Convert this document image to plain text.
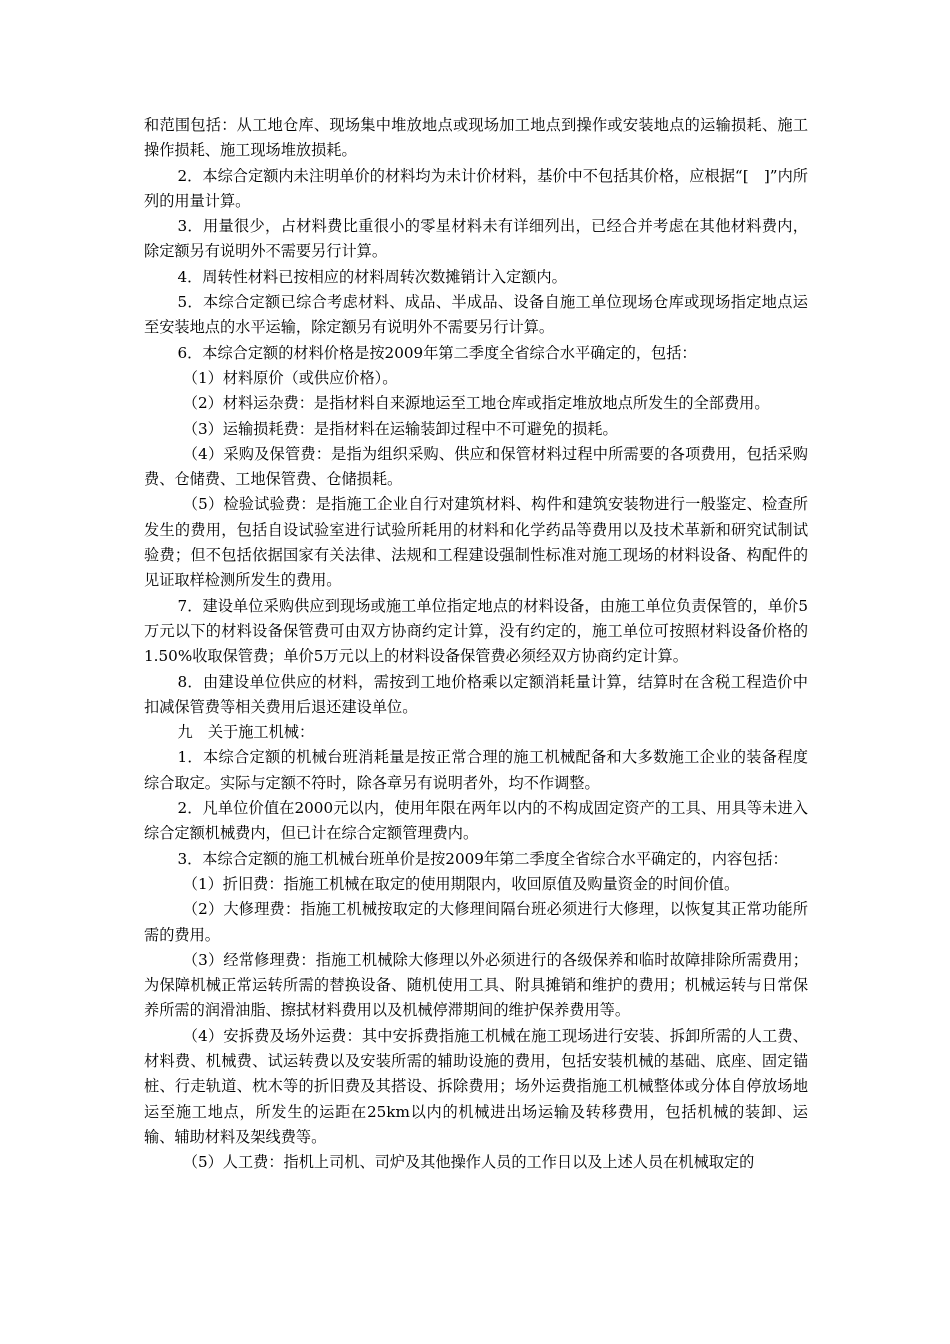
和范围包括：从工地仓库、现场集中堆放地点或现场加工地点到操作或安装地点的运输损耗、施工操作损耗、施工现场堆放损耗。

2．本综合定额内未注明单价的材料均为未计价材料，基价中不包括其价格，应根据“[　]”内所列的用量计算。

3．用量很少，占材料费比重很小的零星材料未有详细列出，已经合并考虑在其他材料费内，除定额另有说明外不需要另行计算。

4．周转性材料已按相应的材料周转次数摊销计入定额内。

5．本综合定额已综合考虑材料、成品、半成品、设备自施工单位现场仓库或现场指定地点运至安装地点的水平运输，除定额另有说明外不需要另行计算。

6．本综合定额的材料价格是按2009年第二季度全省综合水平确定的，包括：

（1）材料原价（或供应价格）。

（2）材料运杂费：是指材料自来源地运至工地仓库或指定堆放地点所发生的全部费用。

（3）运输损耗费：是指材料在运输装卸过程中不可避免的损耗。

（4）采购及保管费：是指为组织采购、供应和保管材料过程中所需要的各项费用，包括采购费、仓储费、工地保管费、仓储损耗。

（5）检验试验费：是指施工企业自行对建筑材料、构件和建筑安装物进行一般鉴定、检查所发生的费用，包括自设试验室进行试验所耗用的材料和化学药品等费用以及技术革新和研究试制试验费；但不包括依据国家有关法律、法规和工程建设强制性标准对施工现场的材料设备、构配件的见证取样检测所发生的费用。

7．建设单位采购供应到现场或施工单位指定地点的材料设备，由施工单位负责保管的，单价5万元以下的材料设备保管费可由双方协商约定计算，没有约定的，施工单位可按照材料设备价格的1.50%收取保管费；单价5万元以上的材料设备保管费必须经双方协商约定计算。

8．由建设单位供应的材料，需按到工地价格乘以定额消耗量计算，结算时在含税工程造价中扣减保管费等相关费用后退还建设单位。

九　关于施工机械：

1．本综合定额的机械台班消耗量是按正常合理的施工机械配备和大多数施工企业的装备程度综合取定。实际与定额不符时，除各章另有说明者外，均不作调整。

2．凡单位价值在2000元以内，使用年限在两年以内的不构成固定资产的工具、用具等未进入综合定额机械费内，但已计在综合定额管理费内。

3．本综合定额的施工机械台班单价是按2009年第二季度全省综合水平确定的，内容包括：

（1）折旧费：指施工机械在取定的使用期限内，收回原值及购量资金的时间价值。

（2）大修理费：指施工机械按取定的大修理间隔台班必须进行大修理，以恢复其正常功能所需的费用。

（3）经常修理费：指施工机械除大修理以外必须进行的各级保养和临时故障排除所需费用；为保障机械正常运转所需的替换设备、随机使用工具、附具摊销和维护的费用；机械运转与日常保养所需的润滑油脂、擦拭材料费用以及机械停滞期间的维护保养费用等。

（4）安拆费及场外运费：其中安拆费指施工机械在施工现场进行安装、拆卸所需的人工费、材料费、机械费、试运转费以及安装所需的辅助设施的费用，包括安装机械的基础、底座、固定锚桩、行走轨道、枕木等的折旧费及其搭设、拆除费用；场外运费指施工机械整体或分体自停放场地运至施工地点，所发生的运距在25km以内的机械进出场运输及转移费用，包括机械的装卸、运输、辅助材料及架线费等。

（5）人工费：指机上司机、司炉及其他操作人员的工作日以及上述人员在机械取定的
